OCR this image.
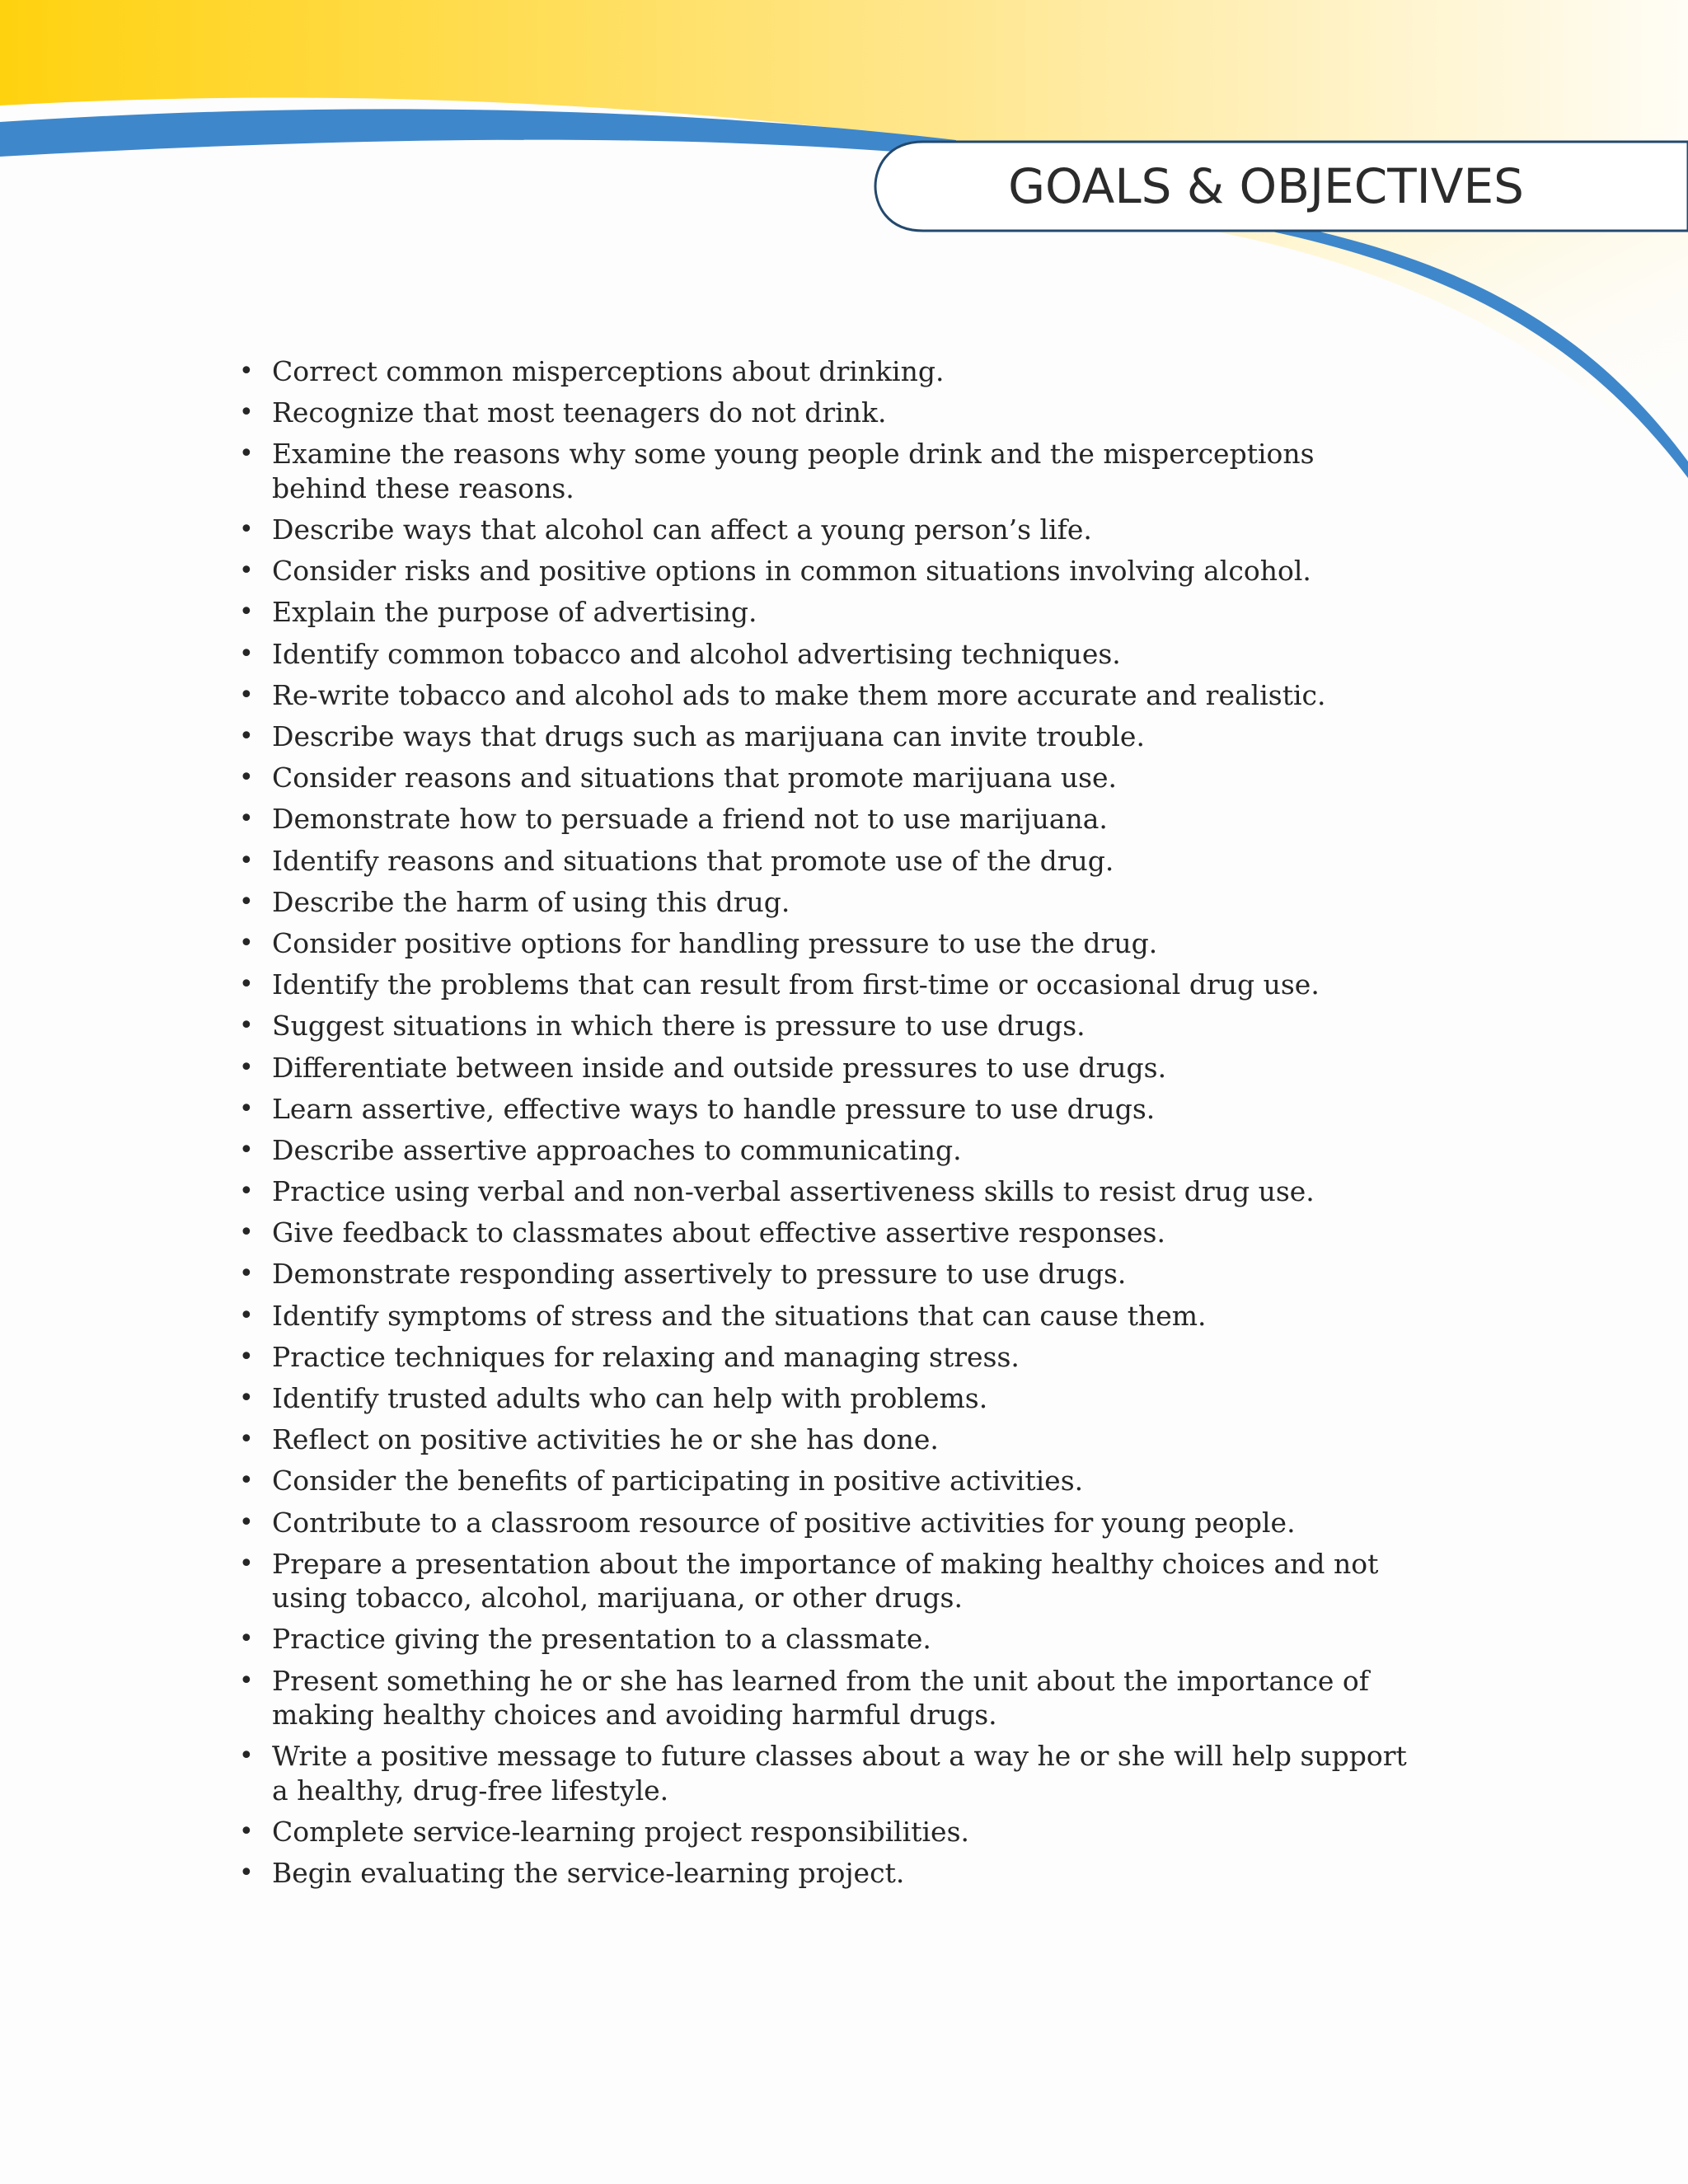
GOALS & OBJECTIVES
• Correct common misperceptions about drinking.
• Recognize that most teenagers do not drink.
• Examine the reasons why some young people drink and the misperceptions behind these reasons.
• Describe ways that alcohol can affect a young person’s life.
• Consider risks and positive options in common situations involving alcohol.
• Explain the purpose of advertising.
• Identify common tobacco and alcohol advertising techniques.
• Re-write tobacco and alcohol ads to make them more accurate and realistic.
• Describe ways that drugs such as marijuana can invite trouble.
• Consider reasons and situations that promote marijuana use.
• Demonstrate how to persuade a friend not to use marijuana.
• Identify reasons and situations that promote use of the drug.
• Describe the harm of using this drug.
• Consider positive options for handling pressure to use the drug.
• Identify the problems that can result from first-time or occasional drug use.
• Suggest situations in which there is pressure to use drugs.
• Differentiate between inside and outside pressures to use drugs.
• Learn assertive, effective ways to handle pressure to use drugs.
• Describe assertive approaches to communicating.
• Practice using verbal and non-verbal assertiveness skills to resist drug use.
• Give feedback to classmates about effective assertive responses.
• Demonstrate responding assertively to pressure to use drugs.
• Identify symptoms of stress and the situations that can cause them.
• Practice techniques for relaxing and managing stress.
• Identify trusted adults who can help with problems.
• Reflect on positive activities he or she has done.
• Consider the benefits of participating in positive activities.
• Contribute to a classroom resource of positive activities for young people.
• Prepare a presentation about the importance of making healthy choices and not using tobacco, alcohol, marijuana, or other drugs.
• Practice giving the presentation to a classmate.
• Present something he or she has learned from the unit about the importance of making healthy choices and avoiding harmful drugs.
• Write a positive message to future classes about a way he or she will help support a healthy, drug-free lifestyle.
• Complete service-learning project responsibilities.
• Begin evaluating the service-learning project.
